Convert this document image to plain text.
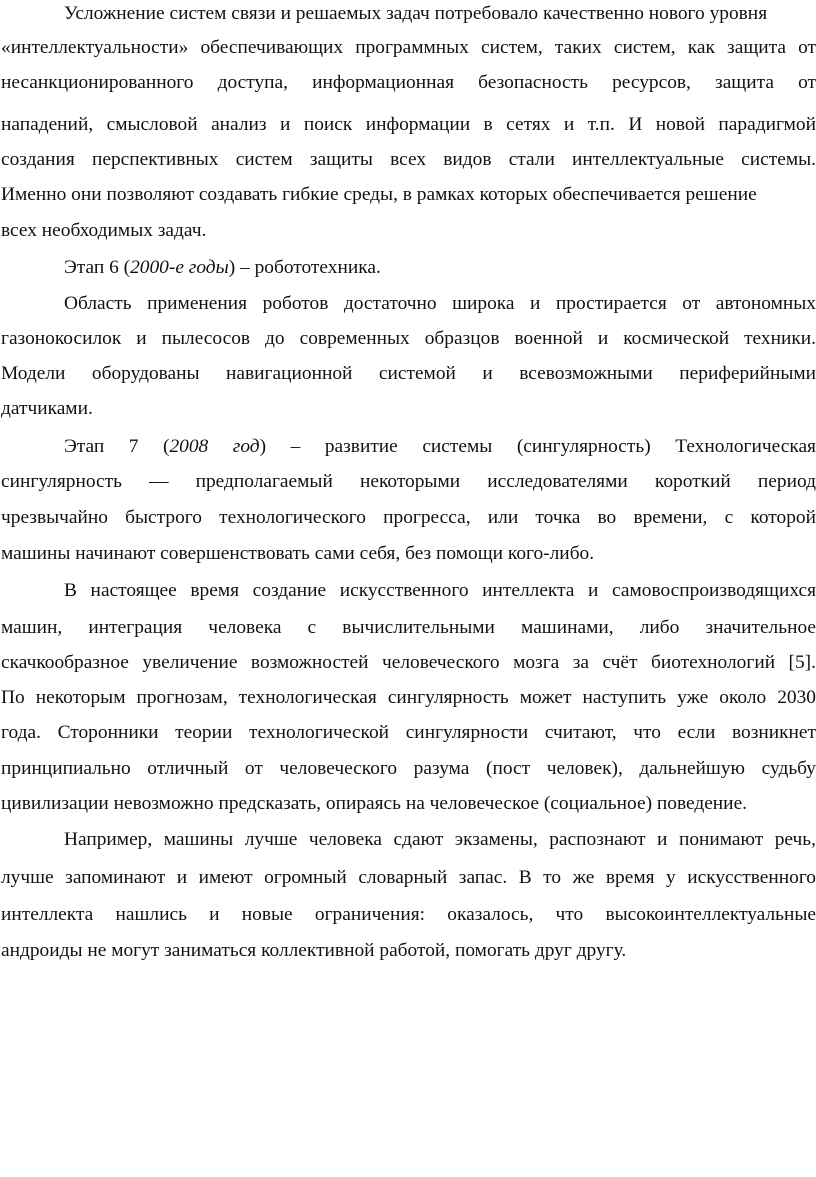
Усложнение систем связи и решаемых задач потребовало качественно нового уровня
«интеллектуальности» обеспечивающих программных систем, таких систем, как защита от
несанкционированного доступа, информационная безопасность ресурсов, защита от
нападений, смысловой анализ и поиск информации в сетях и т.п. И новой парадигмой
создания перспективных систем защиты всех видов стали интеллектуальные системы.
Именно они позволяют создавать гибкие среды, в рамках которых обеспечивается решение
всех необходимых задач.
Этап 6 (2000-е годы) – робототехника.
Область применения роботов достаточно широка и простирается от автономных
газонокосилок и пылесосов до современных образцов военной и космической техники.
Модели оборудованы навигационной системой и всевозможными периферийными
датчиками.
Этап 7 (2008 год) – развитие системы (сингулярность) Технологическая
сингулярность — предполагаемый некоторыми исследователями короткий период
чрезвычайно быстрого технологического прогресса, или точка во времени, с которой
машины начинают совершенствовать сами себя, без помощи кого-либо.
В настоящее время создание искусственного интеллекта и самовоспроизводящихся
машин, интеграция человека с вычислительными машинами, либо значительное
скачкообразное увеличение возможностей человеческого мозга за счёт биотехнологий [5].
По некоторым прогнозам, технологическая сингулярность может наступить уже около 2030
года. Сторонники теории технологической сингулярности считают, что если возникнет
принципиально отличный от человеческого разума (пост человек), дальнейшую судьбу
цивилизации невозможно предсказать, опираясь на человеческое (социальное) поведение.
Например, машины лучше человека сдают экзамены, распознают и понимают речь,
лучше запоминают и имеют огромный словарный запас. В то же время у искусственного
интеллекта нашлись и новые ограничения: оказалось, что высокоинтеллектуальные
андроиды не могут заниматься коллективной работой, помогать друг другу.
